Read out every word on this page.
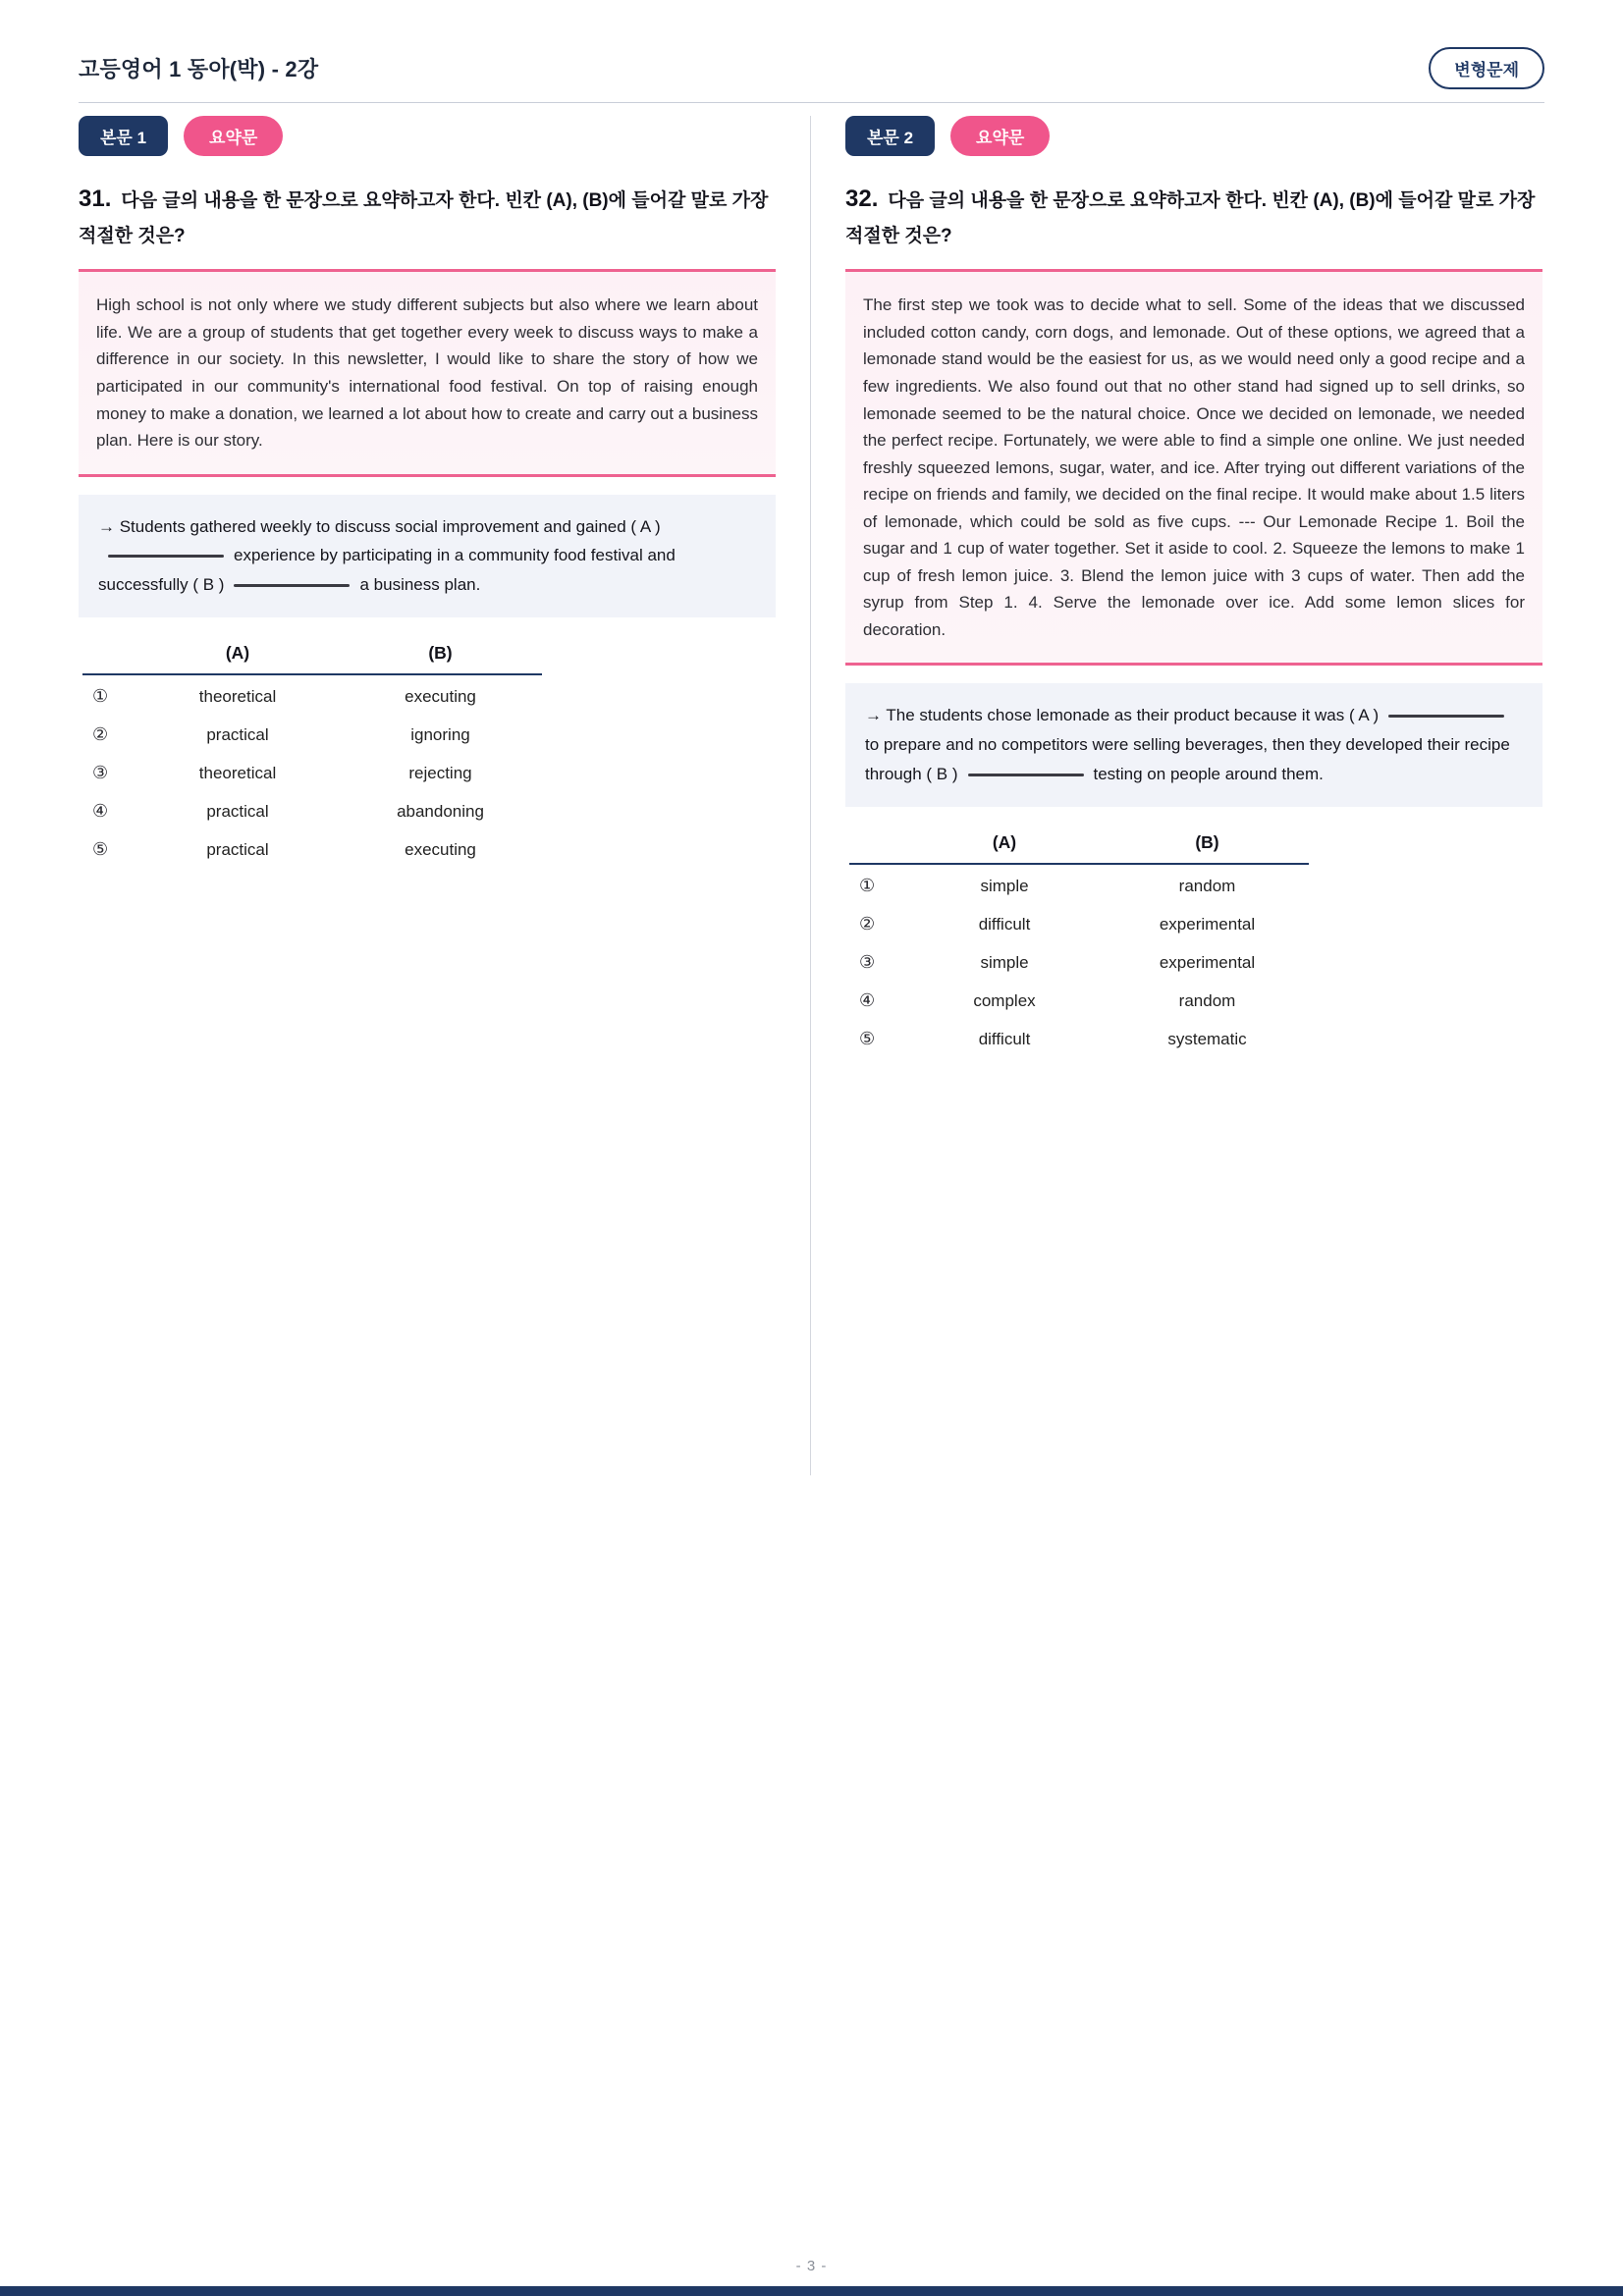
고등영어 1 동아(박) - 2강	변형문제
본문 1	요약문
31. 다음 글의 내용을 한 문장으로 요약하고자 한다. 빈칸 (A), (B)에 들어갈 말로 가장 적절한 것은?

High school is not only where we study different subjects but also where we learn about life. We are a group of students that get together every week to discuss ways to make a difference in our society. In this newsletter, I would like to share the story of how we participated in our community's international food festival. On top of raising enough money to make a donation, we learned a lot about how to create and carry out a business plan. Here is our story.

→ Students gathered weekly to discuss social improvement and gained ( A )experience by participating in a community food festival and successfully ( B )	a business plan.
(A)	(B)
①	theoretical	executing
②	practical	ignoring
③	theoretical	rejecting
④	practical	abandoning
⑤	practical	executing
본문 2	요약문
32. 다음 글의 내용을 한 문장으로 요약하고자 한다. 빈칸 (A), (B)에 들어갈 말로 가장 적절한 것은?

The first step we took was to decide what to sell. Some of the ideas that we discussed included cotton candy, corn dogs, and lemonade. Out of these options, we agreed that a lemonade stand would be the easiest for us, as we would need only a good recipe and a few ingredients. We also found out that no other stand had signed up to sell drinks, so lemonade seemed to be the natural choice. Once we decided on lemonade, we needed the perfect recipe. Fortunately, we were able to find a simple one online. We just needed freshly squeezed lemons, sugar, water, and ice. After trying out different variations of the recipe on friends and family, we decided on the final recipe. It would make about 1.5 liters of lemonade, which could be sold as five cups. --- Our Lemonade Recipe 1. Boil the sugar and 1 cup of water together. Set it aside to cool. 2. Squeeze the lemons to make 1 cup of fresh lemon juice. 3. Blend the lemon juice with 3 cups of water. Then add the syrup from Step 1. 4. Serve the lemonade over ice. Add some lemon slices for decoration.

→ The students chose lemonade as their product because it was ( A )to prepare and no competitors were selling beverages, then they developed their recipe through ( B )	testing on people around them.
(A)	(B)
①	simple	random
②	difficult	experimental
③	simple	experimental
④	complex	random
⑤	difficult	systematic
- 3 -
